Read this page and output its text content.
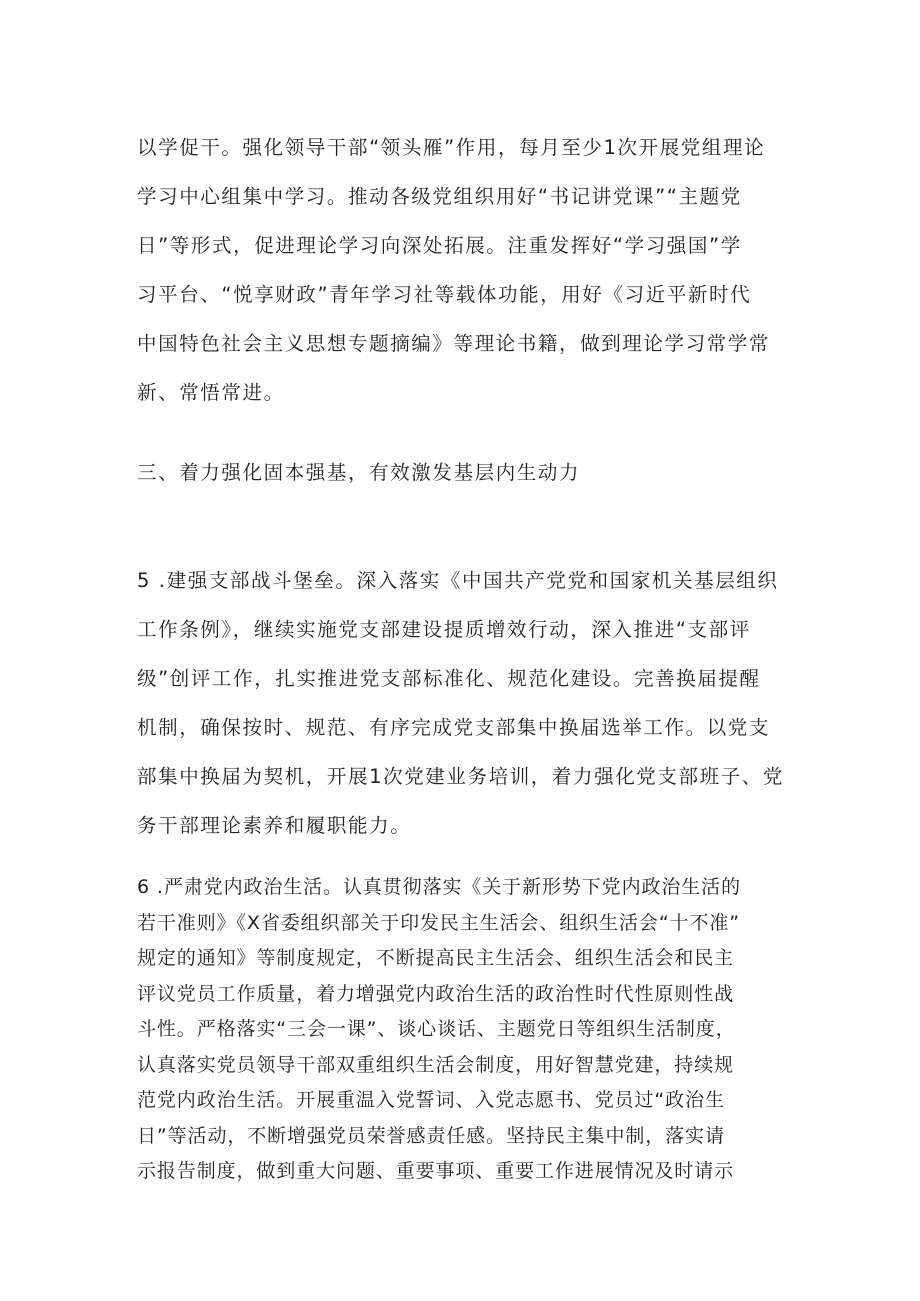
以学促干。强化领导干部“领头雁”作用，每月至少1次开展党组理论
学习中心组集中学习。推动各级党组织用好“书记讲党课”“主题党
日”等形式，促进理论学习向深处拓展。注重发挥好“学习强国”学
习平台、“悦享财政”青年学习社等载体功能，用好《习近平新时代
中国特色社会主义思想专题摘编》等理论书籍，做到理论学习常学常
新、常悟常进。
三、着力强化固本强基，有效激发基层内生动力
5 .建强支部战斗堡垒。深入落实《中国共产党党和国家机关基层组织
工作条例》，继续实施党支部建设提质增效行动，深入推进“支部评
级”创评工作，扎实推进党支部标准化、规范化建设。完善换届提醒
机制，确保按时、规范、有序完成党支部集中换届选举工作。以党支
部集中换届为契机，开展1次党建业务培训，着力强化党支部班子、党
务干部理论素养和履职能力。
6 .严肃党内政治生活。认真贯彻落实《关于新形势下党内政治生活的
若干准则》《X省委组织部关于印发民主生活会、组织生活会“十不准”
规定的通知》等制度规定，不断提高民主生活会、组织生活会和民主
评议党员工作质量，着力增强党内政治生活的政治性时代性原则性战
斗性。严格落实“三会一课”、谈心谈话、主题党日等组织生活制度，
认真落实党员领导干部双重组织生活会制度，用好智慧党建，持续规
范党内政治生活。开展重温入党誓词、入党志愿书、党员过“政治生
日”等活动，不断增强党员荣誉感责任感。坚持民主集中制，落实请
示报告制度，做到重大问题、重要事项、重要工作进展情况及时请示
